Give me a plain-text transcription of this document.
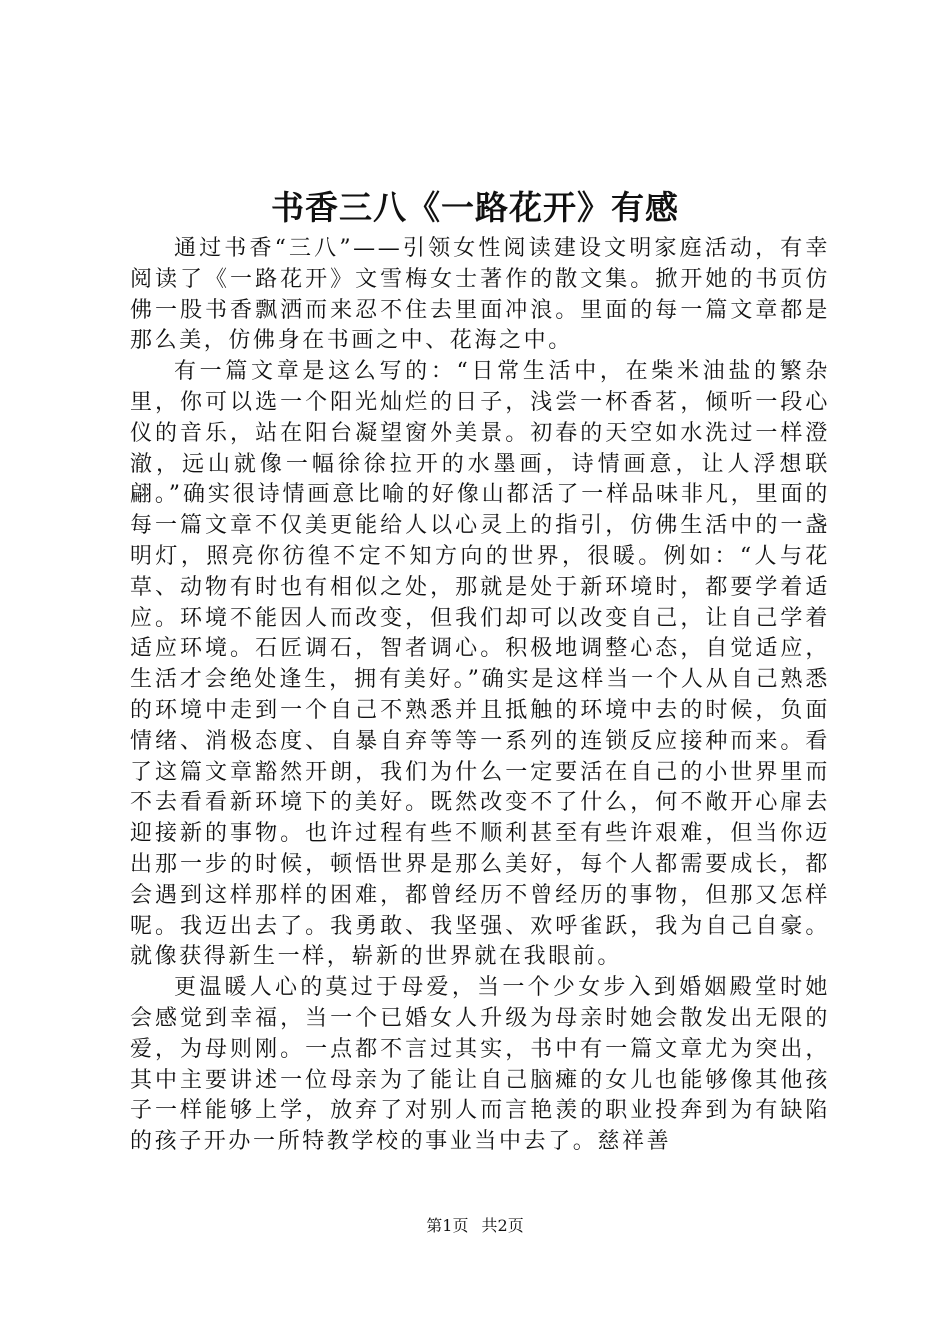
书香三八《一路花开》有感

通过书香“三八”——引领女性阅读建设文明家庭活动，有幸阅读了《一路花开》文雪梅女士著作的散文集。掀开她的书页仿佛一股书香飘洒而来忍不住去里面冲浪。里面的每一篇文章都是那么美，仿佛身在书画之中、花海之中。

有一篇文章是这么写的：“日常生活中，在柴米油盐的繁杂里，你可以选一个阳光灿烂的日子，浅尝一杯香茗，倾听一段心仪的音乐，站在阳台凝望窗外美景。初春的天空如水洗过一样澄澈，远山就像一幅徐徐拉开的水墨画，诗情画意，让人浮想联翩。”确实很诗情画意比喻的好像山都活了一样品味非凡，里面的每一篇文章不仅美更能给人以心灵上的指引，仿佛生活中的一盏明灯，照亮你彷徨不定不知方向的世界，很暖。例如：“人与花草、动物有时也有相似之处，那就是处于新环境时，都要学着适应。环境不能因人而改变，但我们却可以改变自己，让自己学着适应环境。石匠调石，智者调心。积极地调整心态，自觉适应，生活才会绝处逢生，拥有美好。”确实是这样当一个人从自己熟悉的环境中走到一个自己不熟悉并且抵触的环境中去的时候，负面情绪、消极态度、自暴自弃等等一系列的连锁反应接种而来。看了这篇文章豁然开朗，我们为什么一定要活在自己的小世界里而不去看看新环境下的美好。既然改变不了什么，何不敞开心扉去迎接新的事物。也许过程有些不顺利甚至有些许艰难，但当你迈出那一步的时候，顿悟世界是那么美好，每个人都需要成长，都会遇到这样那样的困难，都曾经历不曾经历的事物，但那又怎样呢。我迈出去了。我勇敢、我坚强、欢呼雀跃，我为自己自豪。就像获得新生一样，崭新的世界就在我眼前。

更温暖人心的莫过于母爱，当一个少女步入到婚姻殿堂时她会感觉到幸福，当一个已婚女人升级为母亲时她会散发出无限的爱，为母则刚。一点都不言过其实，书中有一篇文章尤为突出，其中主要讲述一位母亲为了能让自己脑瘫的女儿也能够像其他孩子一样能够上学，放弃了对别人而言艳羡的职业投奔到为有缺陷的孩子开办一所特教学校的事业当中去了。慈祥善

第1页 共2页
